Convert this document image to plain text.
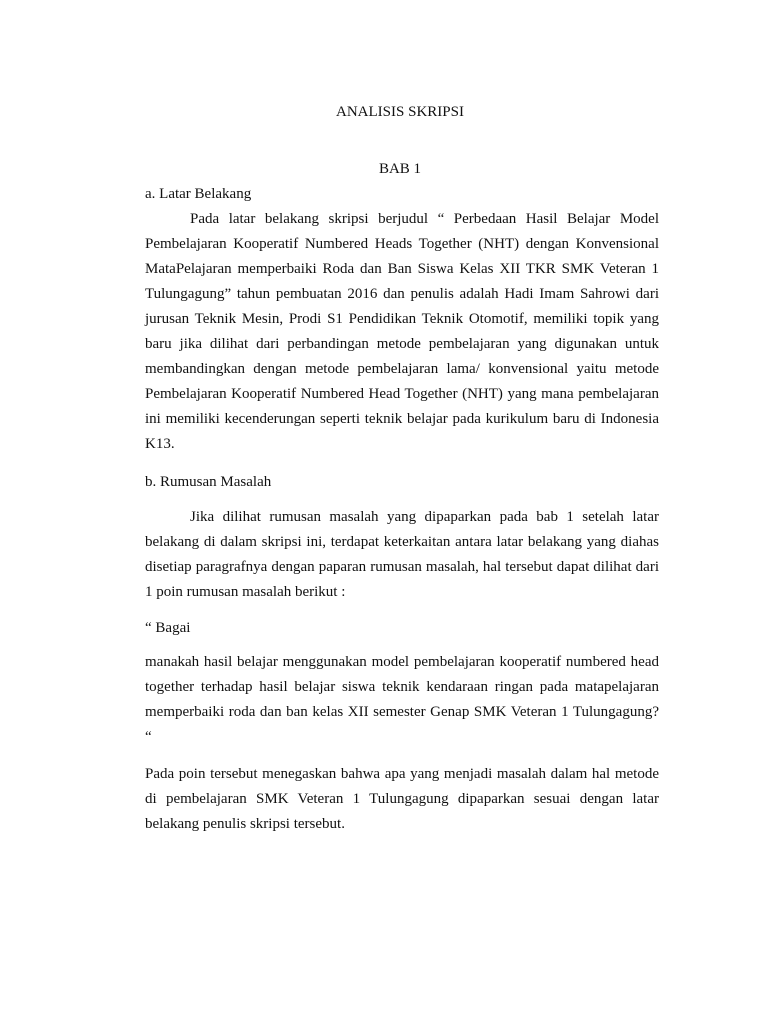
ANALISIS SKRIPSI
BAB 1

a. Latar Belakang

Pada latar belakang skripsi berjudul “ Perbedaan Hasil Belajar Model Pembelajaran Kooperatif Numbered Heads Together (NHT) dengan Konvensional MataPelajaran memperbaiki Roda dan Ban Siswa Kelas XII TKR SMK Veteran 1 Tulungagung” tahun pembuatan 2016 dan penulis adalah Hadi Imam Sahrowi dari jurusan Teknik Mesin, Prodi S1 Pendidikan Teknik Otomotif, memiliki topik yang baru jika dilihat dari perbandingan metode pembelajaran yang digunakan untuk membandingkan dengan metode pembelajaran lama/ konvensional yaitu metode Pembelajaran Kooperatif Numbered Head Together (NHT) yang mana pembelajaran ini memiliki kecenderungan seperti teknik belajar pada kurikulum baru di Indonesia K13.

b. Rumusan Masalah

Jika dilihat rumusan masalah yang dipaparkan pada bab 1 setelah latar belakang di dalam skripsi ini, terdapat keterkaitan antara latar belakang yang diahas disetiap paragrafnya dengan paparan rumusan masalah, hal tersebut dapat dilihat dari 1 poin rumusan masalah berikut :

“ Bagai

manakah hasil belajar menggunakan model pembelajaran kooperatif numbered head together terhadap hasil belajar siswa teknik kendaraan ringan pada matapelajaran memperbaiki roda dan ban kelas XII semester Genap SMK Veteran 1 Tulungagung? “

Pada poin tersebut menegaskan bahwa apa yang menjadi masalah dalam hal metode di pembelajaran SMK Veteran 1 Tulungagung dipaparkan sesuai dengan latar belakang penulis skripsi tersebut.
